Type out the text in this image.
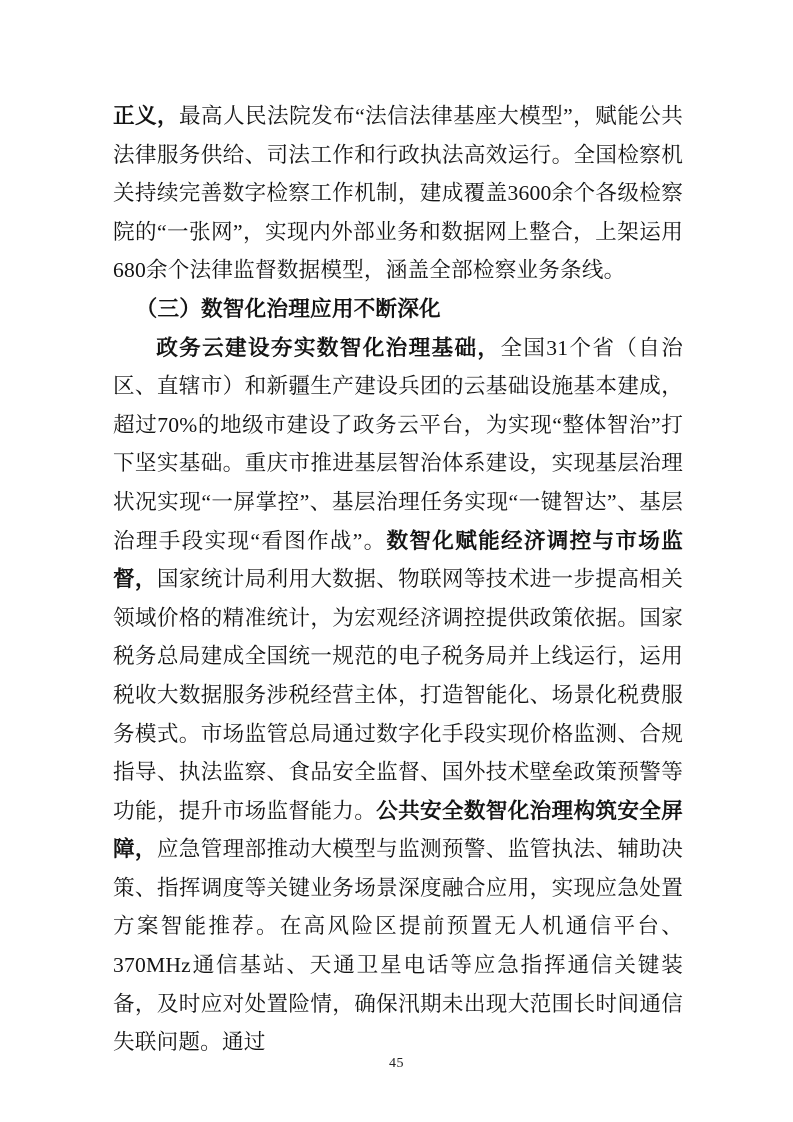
正义，最高人民法院发布“法信法律基座大模型”，赋能公共法律服务供给、司法工作和行政执法高效运行。全国检察机关持续完善数字检察工作机制，建成覆盖3600余个各级检察院的“一张网”，实现内外部业务和数据网上整合，上架运用680余个法律监督数据模型，涵盖全部检察业务条线。

（三）数智化治理应用不断深化

政务云建设夯实数智化治理基础，全国31个省（自治区、直辖市）和新疆生产建设兵团的云基础设施基本建成，超过70%的地级市建设了政务云平台，为实现“整体智治”打下坚实基础。重庆市推进基层智治体系建设，实现基层治理状况实现“一屏掌控”、基层治理任务实现“一键智达”、基层治理手段实现“看图作战”。数智化赋能经济调控与市场监督，国家统计局利用大数据、物联网等技术进一步提高相关领域价格的精准统计，为宏观经济调控提供政策依据。国家税务总局建成全国统一规范的电子税务局并上线运行，运用税收大数据服务涉税经营主体，打造智能化、场景化税费服务模式。市场监管总局通过数字化手段实现价格监测、合规指导、执法监察、食品安全监督、国外技术壁垒政策预警等功能，提升市场监督能力。公共安全数智化治理构筑安全屏障，应急管理部推动大模型与监测预警、监管执法、辅助决策、指挥调度等关键业务场景深度融合应用，实现应急处置方案智能推荐。在高风险区提前预置无人机通信平台、370MHz通信基站、天通卫星电话等应急指挥通信关键装备，及时应对处置险情，确保汛期未出现大范围长时间通信失联问题。通过

45
